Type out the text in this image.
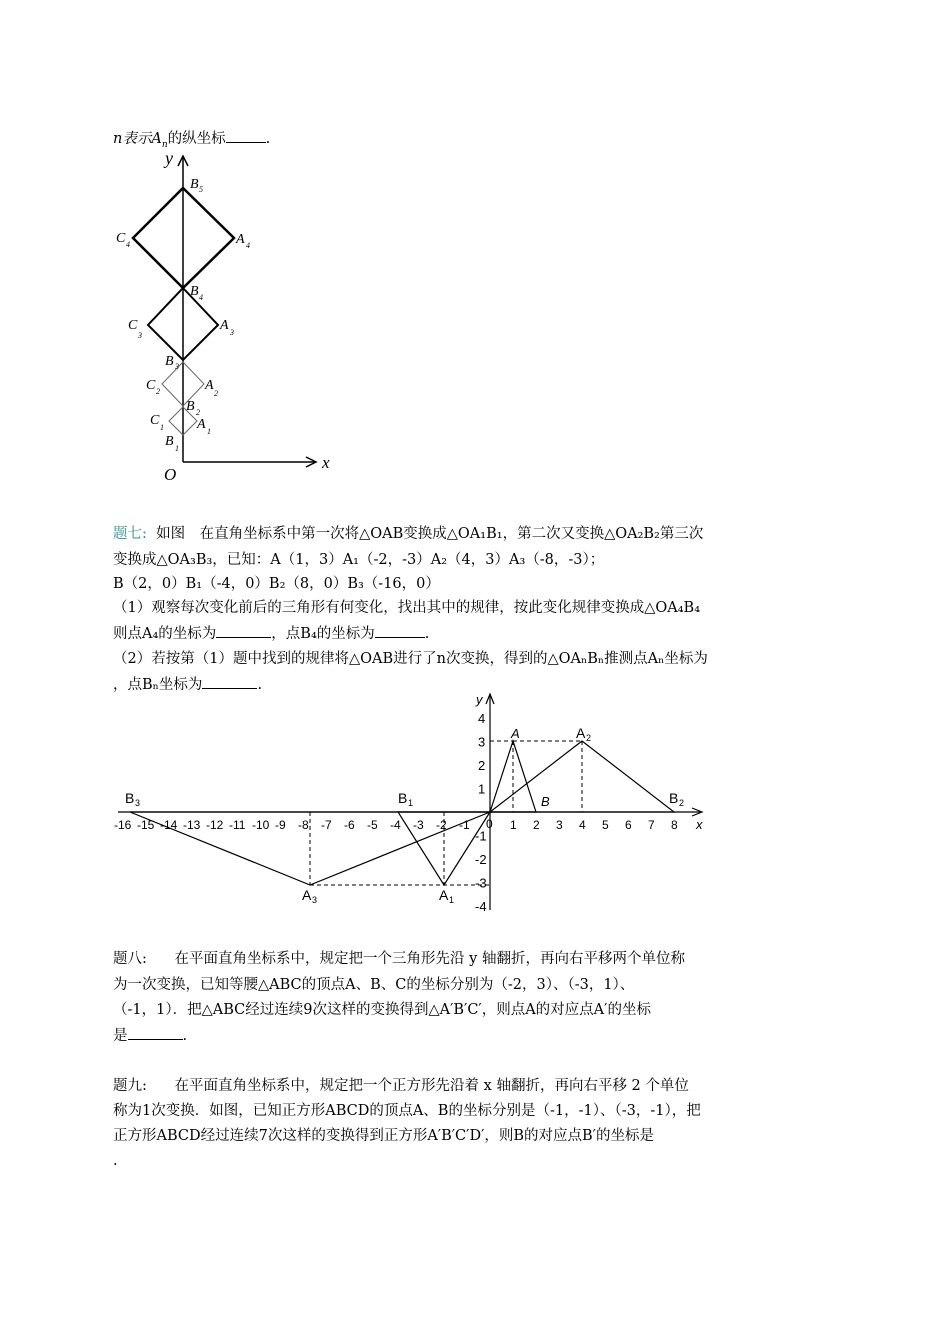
n表示$A_n$的纵坐标	.
y
x
O
B 5
C 4	A 4
B 4
C
3
A 3
B 3
C 2	A
2
B 2
C 1 A 1
B 1
题七: 如图　在直角坐标系中第一次将△OAB变换成△OA₁B₁，第二次又变换△OA₂B₂第三次
变换成△OA₃B₃，已知：A（1，3）A₁（-2，-3）A₂（4，3）A₃（-8，-3）；
B（2，0）B₁（-4，0）B₂（8，0）B₃（-16，0）
（1）观察每次变化前后的三角形有何变化，找出其中的规律，按此变化规律变换成△OA₄B₄
则点A₄的坐标为	，点B₄的坐标为	.
（2）若按第（1）题中找到的规律将△OAB进行了n次变换，得到的△OAₙBₙ推测点Aₙ坐标为
，点Bₙ坐标为	.
-16 -15 -14 -13 -12 -11 -10 -9 -8 -7 -6 -5 -4 -3 -2 -1	1 2 3 4 5 6 7 8
4
3
2
1
-1
-2
-3
-4
x
y
0
A
B
A 2
B 2
B 1
B 3
A 1
A 3
题八: 在平面直角坐标系中，规定把一个三角形先沿 y 轴翻折，再向右平移两个单位称
为一次变换，已知等腰△ABC的顶点A、B、C的坐标分别为（-2，3）、（-3，1）、
（-1，1）．把△ABC经过连续9次这样的变换得到△A′B′C′，则点A的对应点A′的坐标
是	.
题九: 在平面直角坐标系中，规定把一个正方形先沿着 x 轴翻折，再向右平移 2 个单位
称为1次变换．如图，已知正方形ABCD的顶点A、B的坐标分别是（-1，-1）、（-3，-1），把
正方形ABCD经过连续7次这样的变换得到正方形A′B′C′D′，则B的对应点B′的坐标是
.
